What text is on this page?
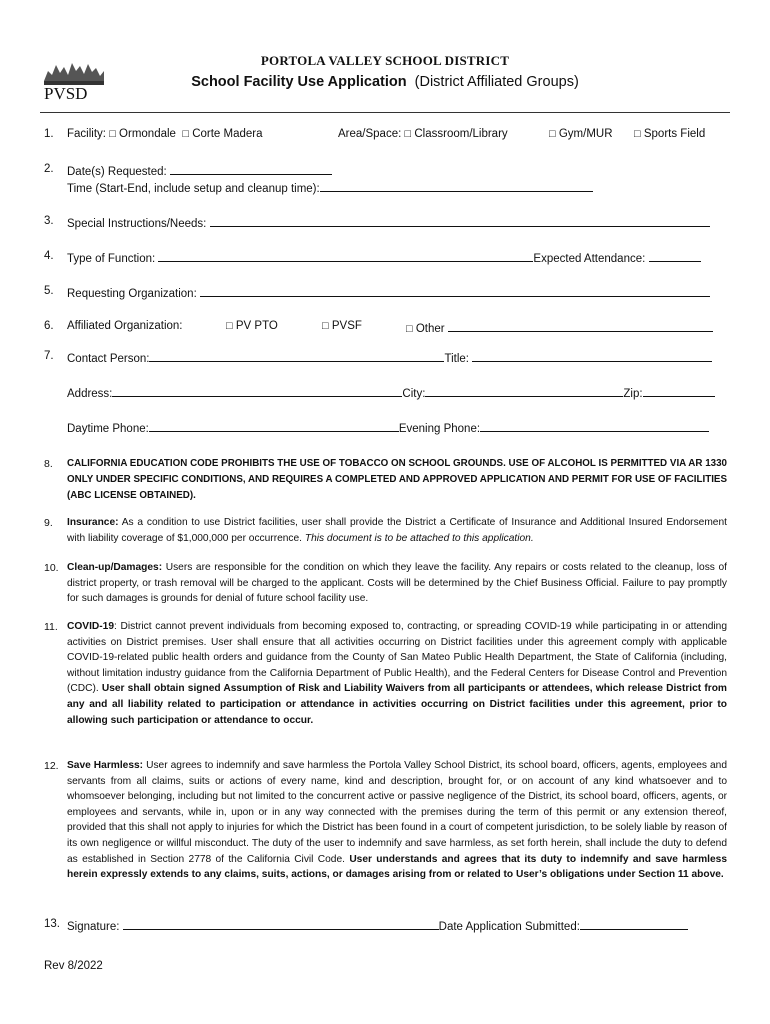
PVSD
PORTOLA VALLEY SCHOOL DISTRICT
School Facility Use Application (District Affiliated Groups)
1. Facility: □ Ormondale □ Corte Madera	Area/Space: □ Classroom/Library	□ Gym/MUR □ Sports Field
2. Date(s) Requested:
Time (Start-End, include setup and cleanup time):
3. Special Instructions/Needs:
4. Type of Function:	Expected Attendance:
5. Requesting Organization:
6. Affiliated Organization:	□ PV PTO	□ PVSF	□ Other
7. Contact Person:	Title:
Address:	City:	Zip:
Daytime Phone:	Evening Phone:
8. CALIFORNIA EDUCATION CODE PROHIBITS THE USE OF TOBACCO ON SCHOOL GROUNDS. USE OF ALCOHOL IS PERMITTED VIA AR 1330 ONLY UNDER SPECIFIC CONDITIONS, AND REQUIRES A COMPLETED AND APPROVED APPLICATION AND PERMIT FOR USE OF FACILITIES (ABC LICENSE OBTAINED).
9. Insurance: As a condition to use District facilities, user shall provide the District a Certificate of Insurance and Additional Insured Endorsement with liability coverage of $1,000,000 per occurrence. This document is to be attached to this application.
10. Clean-up/Damages: Users are responsible for the condition on which they leave the facility. Any repairs or costs related to the cleanup, loss of district property, or trash removal will be charged to the applicant. Costs will be determined by the Chief Business Official. Failure to pay promptly for such damages is grounds for denial of future school facility use.
11. COVID-19: District cannot prevent individuals from becoming exposed to, contracting, or spreading COVID-19 while participating in or attending activities on District premises. User shall ensure that all activities occurring on District facilities under this agreement comply with applicable COVID-19-related public health orders and guidance from the County of San Mateo Public Health Department, the State of California (including, without limitation industry guidance from the California Department of Public Health), and the Federal Centers for Disease Control and Prevention (CDC). User shall obtain signed Assumption of Risk and Liability Waivers from all participants or attendees, which release District from any and all liability related to participation or attendance in activities occurring on District facilities under this agreement, prior to allowing such participation or attendance to occur.
12. Save Harmless: User agrees to indemnify and save harmless the Portola Valley School District, its school board, officers, agents, employees and servants from all claims, suits or actions of every name, kind and description, brought for, or on account of any kind whatsoever and to whomsoever belonging, including but not limited to the concurrent active or passive negligence of the District, its school board, officers, agents, or employees and servants, while in, upon or in any way connected with the premises during the term of this permit or any extension thereof, provided that this shall not apply to injuries for which the District has been found in a court of competent jurisdiction, to be solely liable by reason of its own negligence or willful misconduct. The duty of the user to indemnify and save harmless, as set forth herein, shall include the duty to defend as established in Section 2778 of the California Civil Code. User understands and agrees that its duty to indemnify and save harmless herein expressly extends to any claims, suits, actions, or damages arising from or related to User’s obligations under Section 11 above.
13. Signature:	Date Application Submitted:
Rev 8/2022
